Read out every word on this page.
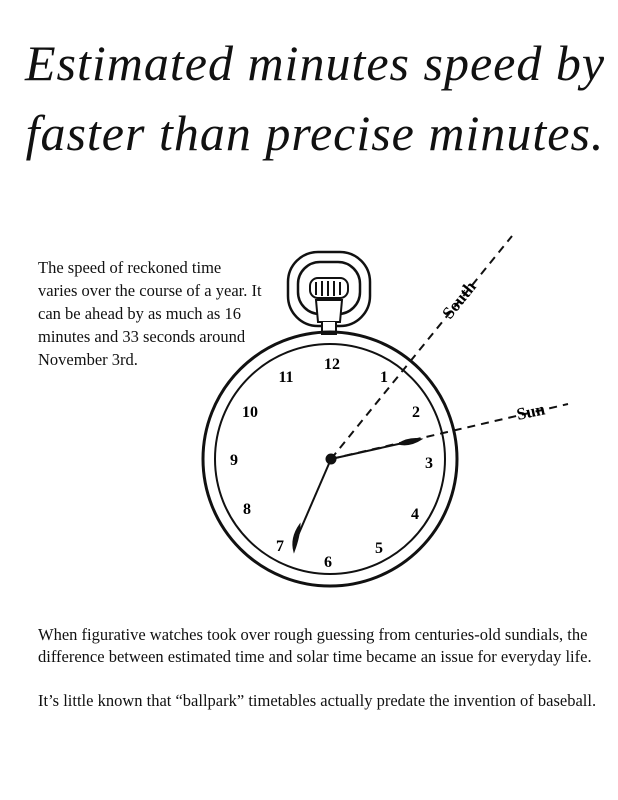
Estimated minutes speed by
faster than precise minutes.
The speed of reckoned time varies over the course of a year. It can be ahead by as much as 16 minutes and 33 seconds around November 3rd.
South
Sun
12
1
2
3
4
5
6
7
8
9
10
11

When figurative watches took over rough guessing from centuries-old sundials, the difference between estimated time and solar time became an issue for everyday life.

It’s little known that “ballpark” timetables actually predate the invention of baseball.
